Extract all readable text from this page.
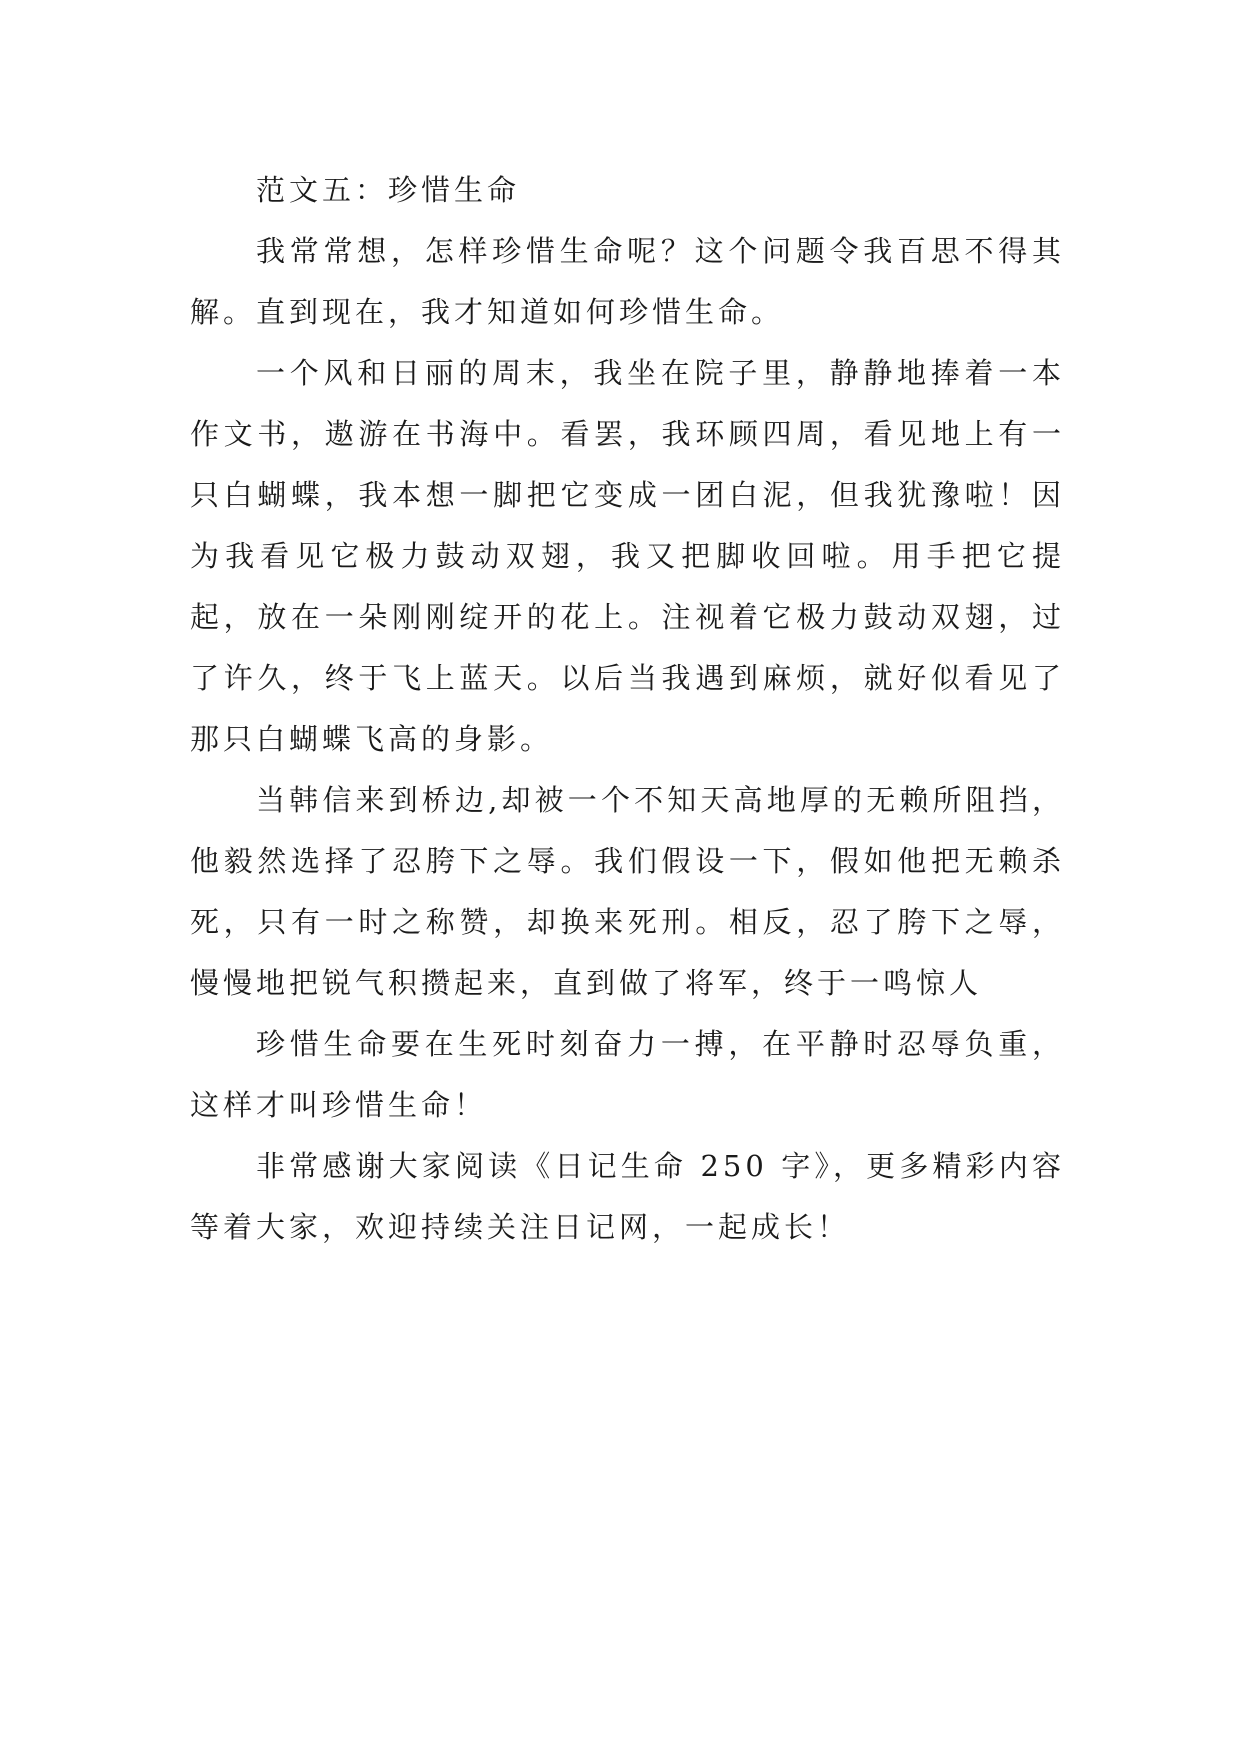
范文五：珍惜生命

我常常想，怎样珍惜生命呢？这个问题令我百思不得其解。直到现在，我才知道如何珍惜生命。

一个风和日丽的周末，我坐在院子里，静静地捧着一本作文书，遨游在书海中。看罢，我环顾四周，看见地上有一只白蝴蝶，我本想一脚把它变成一团白泥，但我犹豫啦！因为我看见它极力鼓动双翅，我又把脚收回啦。用手把它提起，放在一朵刚刚绽开的花上。注视着它极力鼓动双翅，过了许久，终于飞上蓝天。以后当我遇到麻烦，就好似看见了那只白蝴蝶飞高的身影。

当韩信来到桥边,却被一个不知天高地厚的无赖所阻挡，他毅然选择了忍胯下之辱。我们假设一下，假如他把无赖杀死，只有一时之称赞，却换来死刑。相反，忍了胯下之辱，慢慢地把锐气积攒起来，直到做了将军，终于一鸣惊人

珍惜生命要在生死时刻奋力一搏，在平静时忍辱负重，这样才叫珍惜生命！

非常感谢大家阅读《日记生命 250 字》，更多精彩内容等着大家，欢迎持续关注日记网，一起成长！
